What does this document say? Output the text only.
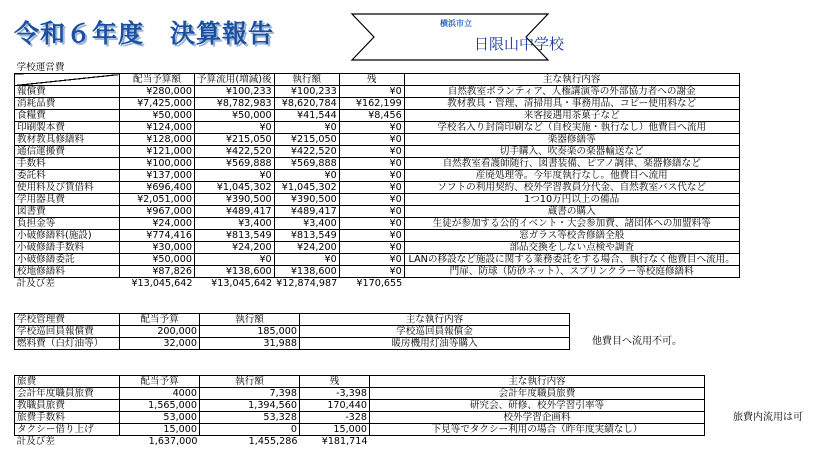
令和６年度　決算報告	横浜市立
日限山中学校
学校運営費					
	配当予算額	予算流用(増減)後	執行額	残	主な執行内容
報償費	¥280,000	¥100,233	¥100,233	¥0	自然教室ボランティア、人権講演等の外部協力者への謝金
消耗品費	¥7,425,000	¥8,782,983	¥8,620,784	¥162,199	教材教具・管理、清掃用具・事務用品、コピー使用料など
食糧費	¥50,000	¥50,000	¥41,544	¥8,456	来客接遇用茶菓子など
印刷製本費	¥124,000	¥0	¥0	¥0	学校名入り封筒印刷など（自校実施・執行なし）他費目へ流用
教材教具修繕料	¥128,000	¥215,050	¥215,050	¥0	楽器修繕等
通信運搬費	¥121,000	¥422,520	¥422,520	¥0	切手購入、吹奏楽の楽器輸送など
手数料	¥100,000	¥569,888	¥569,888	¥0	自然教室看護師随行、図書装備、ピアノ調律、楽器修繕など
委託料	¥137,000	¥0	¥0	¥0	産廃処理等。今年度執行なし。他費目へ流用
使用料及び賃借料	¥696,400	¥1,045,302	¥1,045,302	¥0	ソフトの利用契約、校外学習教員分代金、自然教室バス代など
学用器具費	¥2,051,000	¥390,500	¥390,500	¥0	1つ10万円以上の備品
図書費	¥967,000	¥489,417	¥489,417	¥0	蔵書の購入
負担金等	¥24,000	¥3,400	¥3,400	¥0	生徒が参加する公的イベント・大会参加費、諸団体への加盟料等
小破修繕料(施設)	¥774,416	¥813,549	¥813,549	¥0	窓ガラス等校舎修繕全般
小破修繕手数料	¥30,000	¥24,200	¥24,200	¥0	部品交換をしない点検や調査
小破修繕委託	¥50,000	¥0	¥0	¥0	LANの移設など施設に関する業務委託をする場合、執行なく他費目へ流用。
校地修繕料	¥87,826	¥138,600	¥138,600	¥0	門扉、防球（防砂ネット）、スプリンクラー等校庭修繕料
計及び差	¥13,045,642	¥13,045,642	¥12,874,987	¥170,655	
学校管理費	配当予算	執行額	主な執行内容
学校巡回員報償費	200,000	185,000	学校巡回員報償金
燃料費（白灯油等）	32,000	31,988	暖房機用灯油等購入	他費目へ流用不可。
旅費	配当予算	執行額	残	主な執行内容
会計年度職員旅費	4000	7,398	-3,398	会計年度職員旅費
教職員旅費	1,565,000	1,394,560	170,440	研究会、研修、校外学習引率等
旅費手数料	53,000	53,328	-328	校外学習企画料
タクシー借り上げ	15,000	0	15,000	下見等でタクシー利用の場合（昨年度実績なし）
計及び差	1,637,000	1,455,286	¥181,714	
旅費内流用は可
